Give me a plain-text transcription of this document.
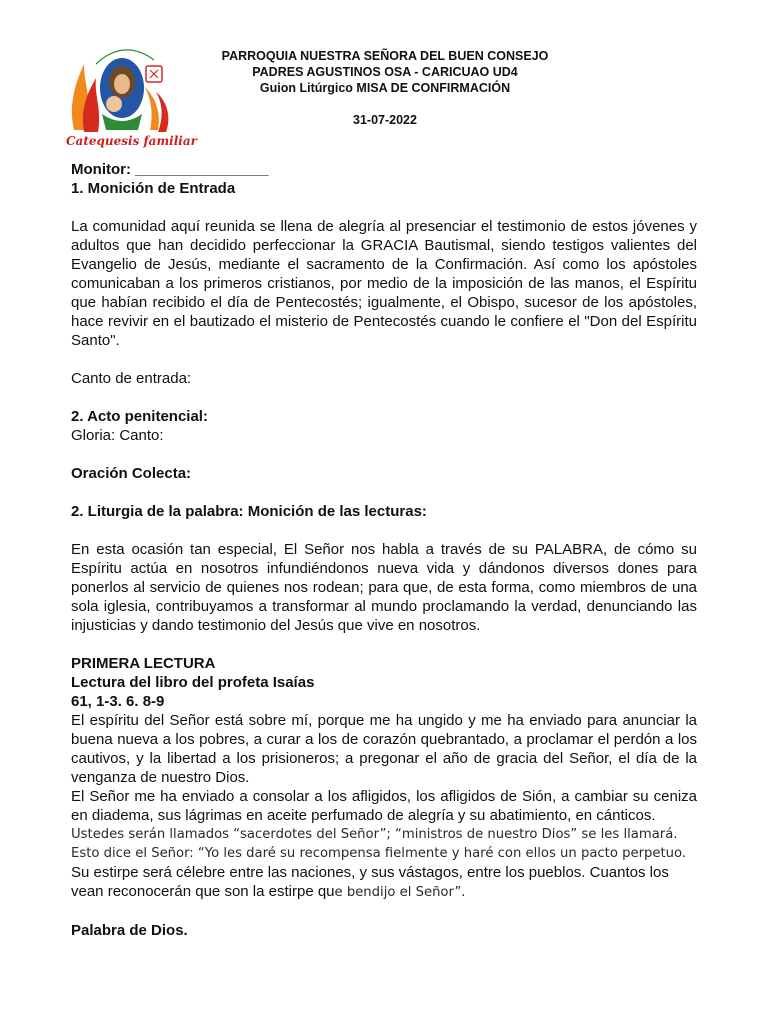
Catequesis familiar
PARROQUIA NUESTRA SEÑORA DEL BUEN CONSEJO
PADRES AGUSTINOS OSA - CARICUAO UD4
Guion Litúrgico MISA DE CONFIRMACIÓN
31-07-2022

Monitor: ________________

1. Monición de Entrada

La comunidad aquí reunida se llena de alegría al presenciar el testimonio de estos jóvenes y adultos que han decidido perfeccionar la GRACIA Bautismal, siendo testigos valientes del Evangelio de Jesús, mediante el sacramento de la Confirmación. Así como los apóstoles comunicaban a los primeros cristianos, por medio de la imposición de las manos, el Espíritu que habían recibido el día de Pentecostés; igualmente, el Obispo, sucesor de los apóstoles, hace revivir en el bautizado el misterio de Pentecostés cuando le confiere el "Don del Espíritu Santo".

Canto de entrada:

2. Acto penitencial:

Gloria: Canto:

Oración Colecta:

2. Liturgia de la palabra: Monición de las lecturas:

En esta ocasión tan especial, El Señor nos habla a través de su PALABRA, de cómo su Espíritu actúa en nosotros infundiéndonos nueva vida y dándonos diversos dones para ponerlos al servicio de quienes nos rodean; para que, de esta forma, como miembros de una sola iglesia, contribuyamos a transformar al mundo proclamando la verdad, denunciando las injusticias y dando testimonio del Jesús que vive en nosotros.

PRIMERA LECTURA

Lectura del libro del profeta Isaías

61, 1-3. 6. 8-9

El espíritu del Señor está sobre mí, porque me ha ungido y me ha enviado para anunciar la buena nueva a los pobres, a curar a los de corazón quebrantado, a proclamar el perdón a los cautivos, y la libertad a los prisioneros; a pregonar el año de gracia del Señor, el día de la venganza de nuestro Dios.

El Señor me ha enviado a consolar a los afligidos, los afligidos de Sión, a cambiar su ceniza en diadema, sus lágrimas en aceite perfumado de alegría y su abatimiento, en cánticos.

Ustedes serán llamados “sacerdotes del Señor”; “ministros de nuestro Dios” se les llamará.

Esto dice el Señor: “Yo les daré su recompensa fielmente y haré con ellos un pacto perpetuo.

Su estirpe será célebre entre las naciones, y sus vástagos, entre los pueblos. Cuantos los vean reconocerán que son la estirpe que bendijo el Señor”.

Palabra de Dios.
